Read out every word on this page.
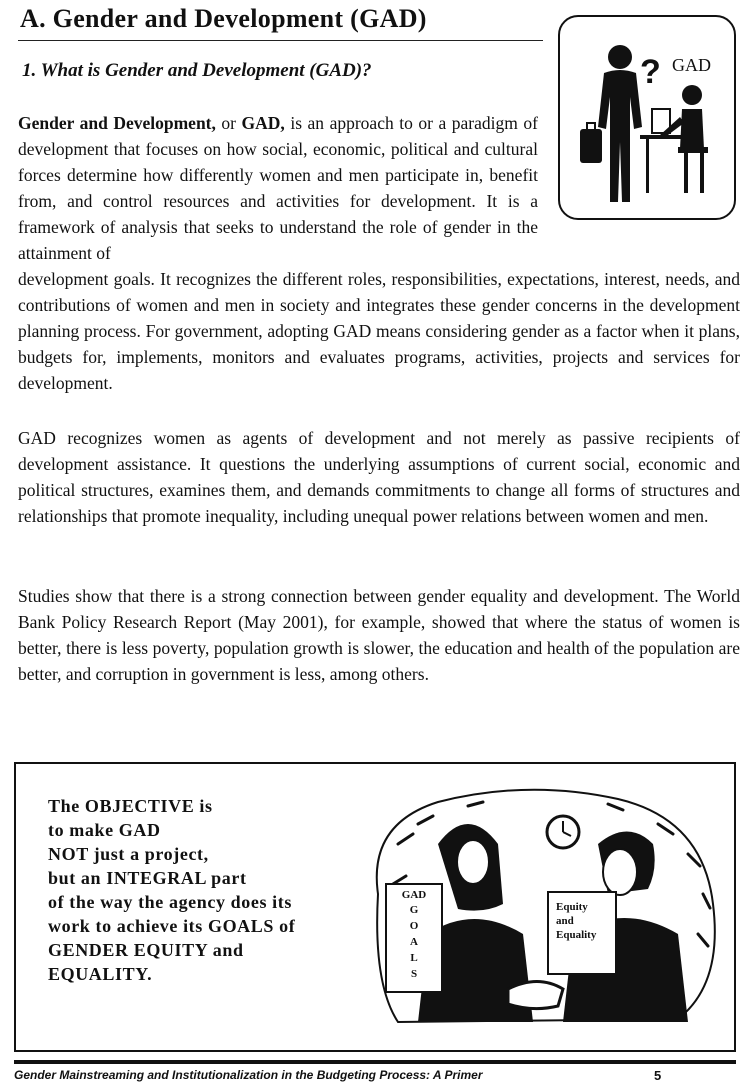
A. Gender and Development (GAD)
1. What is Gender and Development (GAD)?	? GAD
Gender and Development, or GAD, is an approach to or a paradigm of development that focuses on how social, economic, political and cultural forces determine how differently women and men participate in, benefit from, and control resources and activities for development. It is a framework of analysis that seeks to understand the role of gender in the attainment of
development goals. It recognizes the different roles, responsibilities, expectations, interest, needs, and contributions of women and men in society and integrates these gender concerns in the development planning process. For government, adopting GAD means considering gender as a factor when it plans, budgets for, implements, monitors and evaluates programs, activities, projects and services for development.
GAD recognizes women as agents of development and not merely as passive recipients of development assistance. It questions the underlying assumptions of current social, economic and political structures, examines them, and demands commitments to change all forms of structures and relationships that promote inequality, including unequal power relations between women and men.
Studies show that there is a strong connection between gender equality and development. The World Bank Policy Research Report (May 2001), for example, showed that where the status of women is better, there is less poverty, population growth is slower, the education and health of the population are better, and corruption in government is less, among others.
The OBJECTIVE is
to make GAD
NOT just a project,
but an INTEGRAL part
of the way the agency does its
work to achieve its GOALS of
GENDER EQUITY and
EQUALITY.
GAD
G
O
A
L
S
Equity
and
Equality
Gender Mainstreaming and Institutionalization in the Budgeting Process: A Primer	5
